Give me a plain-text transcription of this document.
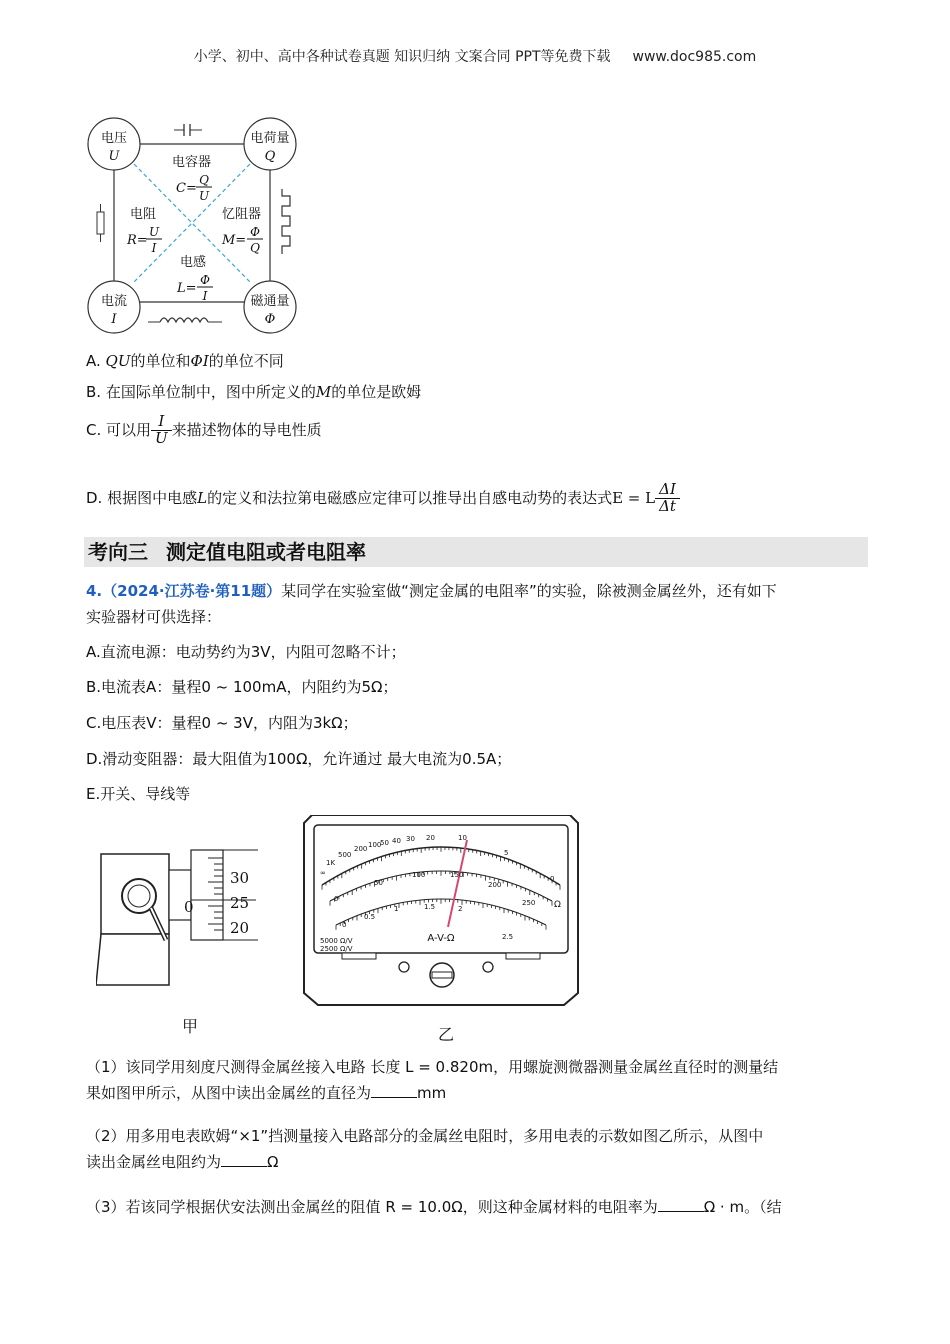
小学、初中、高中各种试卷真题 知识归纳 文案合同 PPT等免费下载 www.doc985.com
电压
U
电荷量
Q
电流
I
磁通量
Φ
电容器
C=
Q
U
电阻
R=
U
I
忆阻器
M=
Φ
Q
电感
L=
Φ
I
A. QU的单位和ΦI的单位不同
B. 在国际单位制中，图中所定义的M的单位是欧姆
C. 可以用 $\frac{I}{U}$ 来描述物体的导电性质
D. 根据图中电感L的定义和法拉第电磁感应定律可以推导出自感电动势的表达式E = L $\frac{\Delta I}{\Delta t}$
考向三 测定值电阻或者电阻率
4.（2024·江苏卷·第11题）某同学在实验室做“测定金属的电阻率”的实验，除被测金属丝外，还有如下
实验器材可供选择：
A.直流电源：电动势约为3V，内阻可忽略不计；
B.电流表A：量程0 ~ 100mA，内阻约为5Ω；
C.电压表V：量程0 ~ 3V，内阻为3kΩ；
D.滑动变阻器：最大阻值为100Ω，允许通过 最大电流为0.5A；
E.开关、导线等
30
25
20
0
甲
∞
1K
500
200 100
50 40 30 20	10
5
0
0
50
100	150
200
250
0
0.5
1	1.5	2
2.5
Ω
5000 Ω/V
2500 Ω/V
A-V-Ω
乙
（1）该同学用刻度尺测得金属丝接入电路 长度 L = 0.820m，用螺旋测微器测量金属丝直径时的测量结
果如图甲所示，从图中读出金属丝的直径为	mm
（2）用多用电表欧姆“×1”挡测量接入电路部分的金属丝电阻时，多用电表的示数如图乙所示，从图中
读出金属丝电阻约为	Ω
（3）若该同学根据伏安法测出金属丝的阻值 R = 10.0Ω，则这种金属材料的电阻率为	Ω · m。（结
